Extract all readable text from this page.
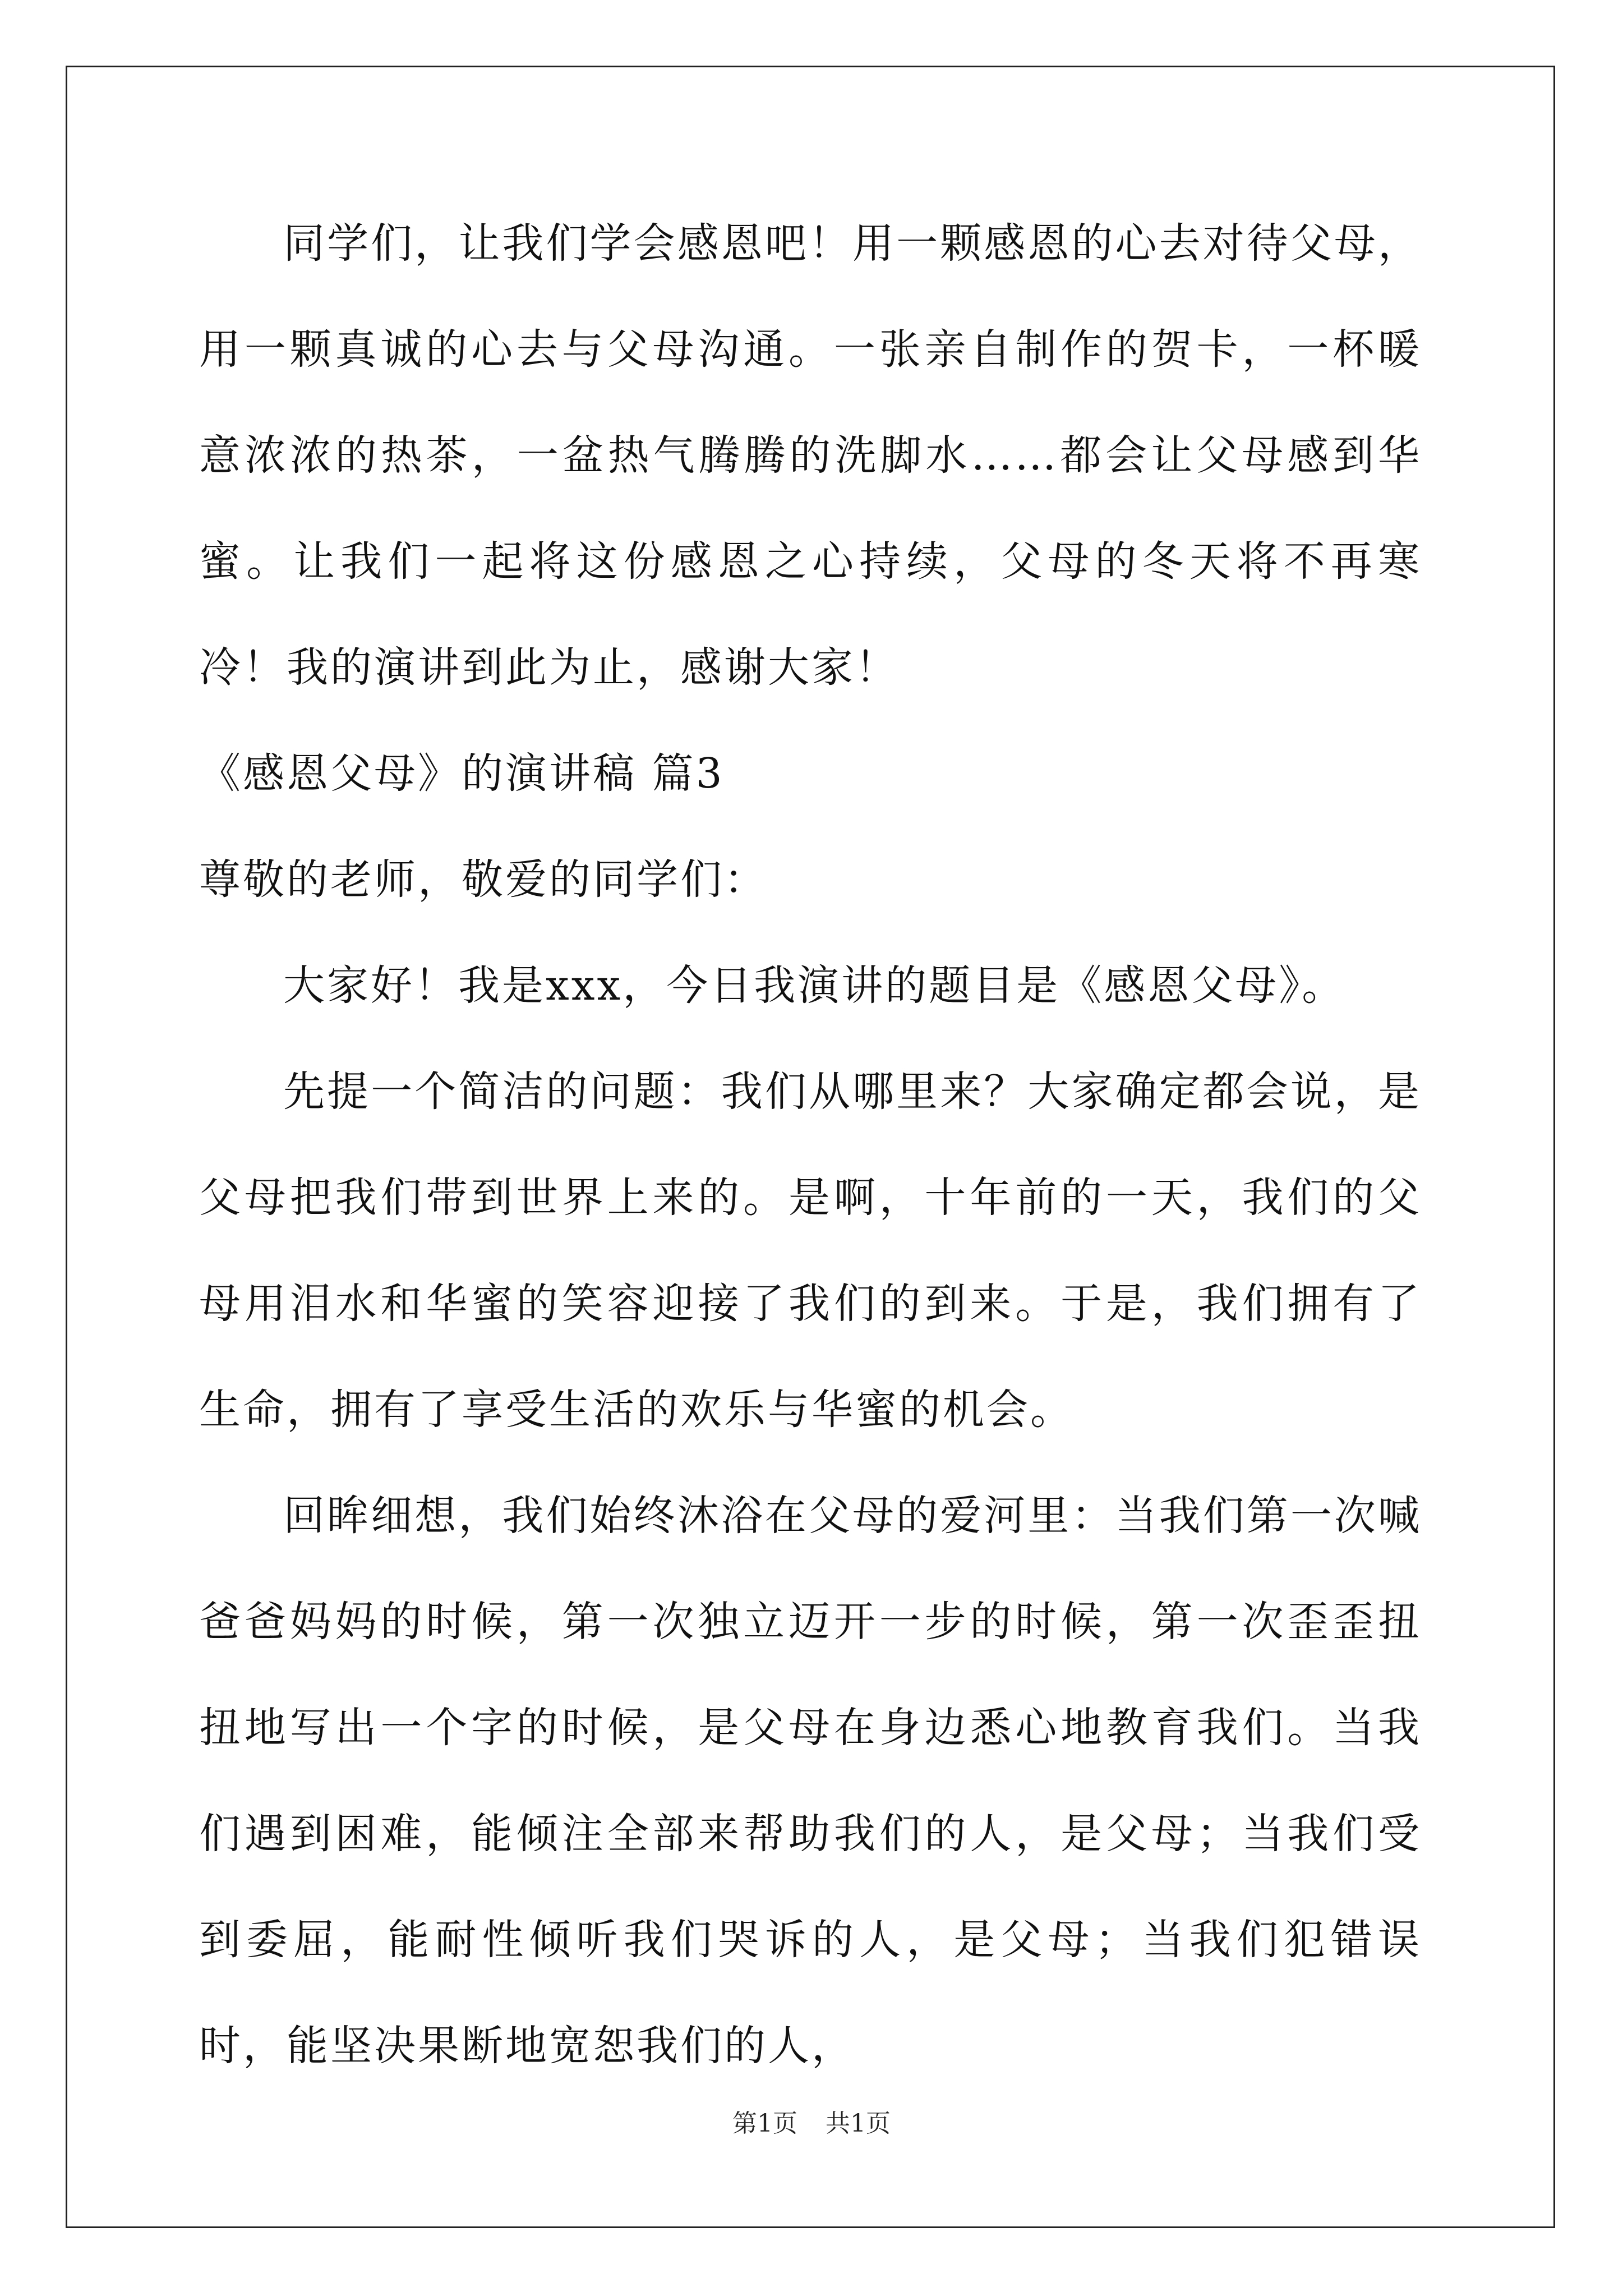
同学们，让我们学会感恩吧！用一颗感恩的心去对待父母，用一颗真诚的心去与父母沟通。一张亲自制作的贺卡，一杯暖意浓浓的热茶，一盆热气腾腾的洗脚水……都会让父母感到华蜜。让我们一起将这份感恩之心持续，父母的冬天将不再寒冷！我的演讲到此为止，感谢大家！

《感恩父母》的演讲稿 篇3

尊敬的老师，敬爱的同学们：

大家好！我是xxx，今日我演讲的题目是《感恩父母》。

先提一个简洁的问题：我们从哪里来？大家确定都会说，是父母把我们带到世界上来的。是啊，十年前的一天，我们的父母用泪水和华蜜的笑容迎接了我们的到来。于是，我们拥有了生命，拥有了享受生活的欢乐与华蜜的机会。

回眸细想，我们始终沐浴在父母的爱河里：当我们第一次喊爸爸妈妈的时候，第一次独立迈开一步的时候，第一次歪歪扭扭地写出一个字的时候，是父母在身边悉心地教育我们。当我们遇到困难，能倾注全部来帮助我们的人，是父母；当我们受到委屈，能耐性倾听我们哭诉的人，是父母；当我们犯错误时，能坚决果断地宽恕我们的人，

第1页 共1页
